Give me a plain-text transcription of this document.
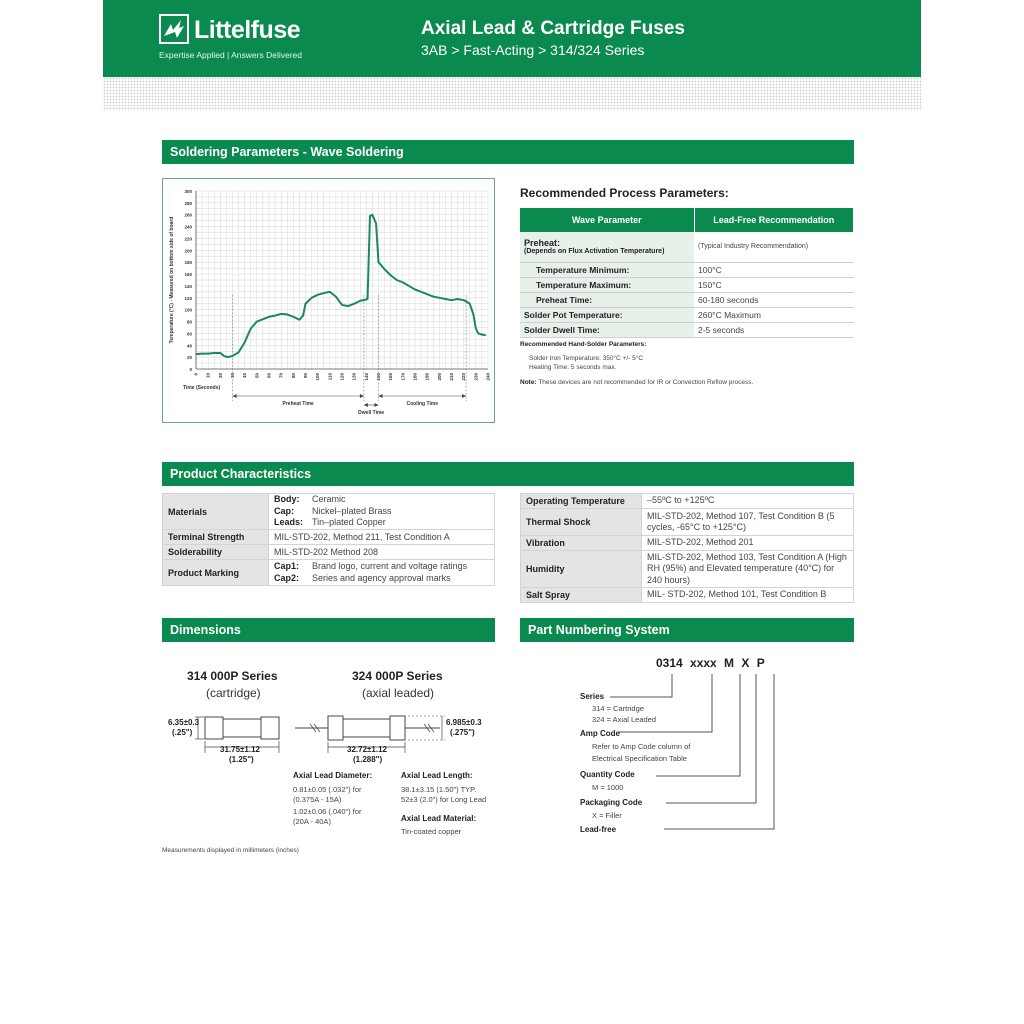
Littelfuse
Expertise Applied | Answers Delivered
Axial Lead & Cartridge Fuses
3AB > Fast-Acting > 314/324 Series
Soldering Parameters - Wave Soldering
0
20
40
60
80
100
120
140
160
180
200
220
240
260
280
300
0 10 20 30 40 50 60 70 80 90 100 110 120 130 140 150 160 170 180 190 200 210 220 230 240
Temperature (°C) - Measured on bottom side of board
Time (Seconds)
Preheat Time
Dwell Time
Cooling Time
Recommended Process Parameters:
Wave Parameter	Lead-Free Recommendation

Preheat:
(Depends on Flux Activation Temperature)	(Typical Industry Recommendation)
Temperature Minimum:	100°C
Temperature Maximum:	150°C
Preheat Time:	60-180 seconds
Solder Pot Temperature:	260°C Maximum
Solder Dwell Time:	2-5 seconds
Recommended Hand-Solder Parameters:
Solder Iron Temperature: 350°C +/- 5°C
Heating Time: 5 seconds max.
Note: These devices are not recommended for IR or Convection Reflow process.
Product Characteristics
Materials	Body: Ceramic
Cap: Nickel–plated Brass
Leads: Tin–plated Copper

Terminal Strength	MIL-STD-202, Method 211, Test Condition A
Solderability	MIL-STD-202 Method 208
Product Marking	Cap1: Brand logo, current and voltage ratings
Cap2: Series and agency approval marks
Operating Temperature	–55ºC to +125ºC
Thermal Shock	MIL-STD-202, Method 107, Test Condition B (5 cycles, -65°C to +125°C)
Vibration	MIL-STD-202, Method 201
Humidity	MIL-STD-202, Method 103, Test Condition A (High RH (95%) and Elevated temperature (40°C) for 240 hours)
Salt Spray	MIL- STD-202, Method 101, Test Condition B
Dimensions
314 000P Series
(cartridge)
324 000P Series
(axial leaded)
6.35±0.3
(.25")
31.75±1.12
(1.25")
32.72±1.12
(1.288")
6.985±0.3
(.275")
Axial Lead Diameter:
0.81±0.05 (.032") for
(0.375A - 15A)
1.02±0.06 (.040") for
(20A - 40A)
Axial Lead Length:
38.1±3.15 (1.50") TYP.
52±3 (2.0") for Long Lead
Axial Lead Material:
Tin-coated copper
Measurements displayed in millimeters (inches)
Part Numbering System
0314 xxxx M X P
Series
314 = Cartridge
324 = Axial Leaded
Amp Code
Refer to Amp Code column of
Electrical Specification Table
Quantity Code
M = 1000
Packaging Code
X = Filler
Lead-free
